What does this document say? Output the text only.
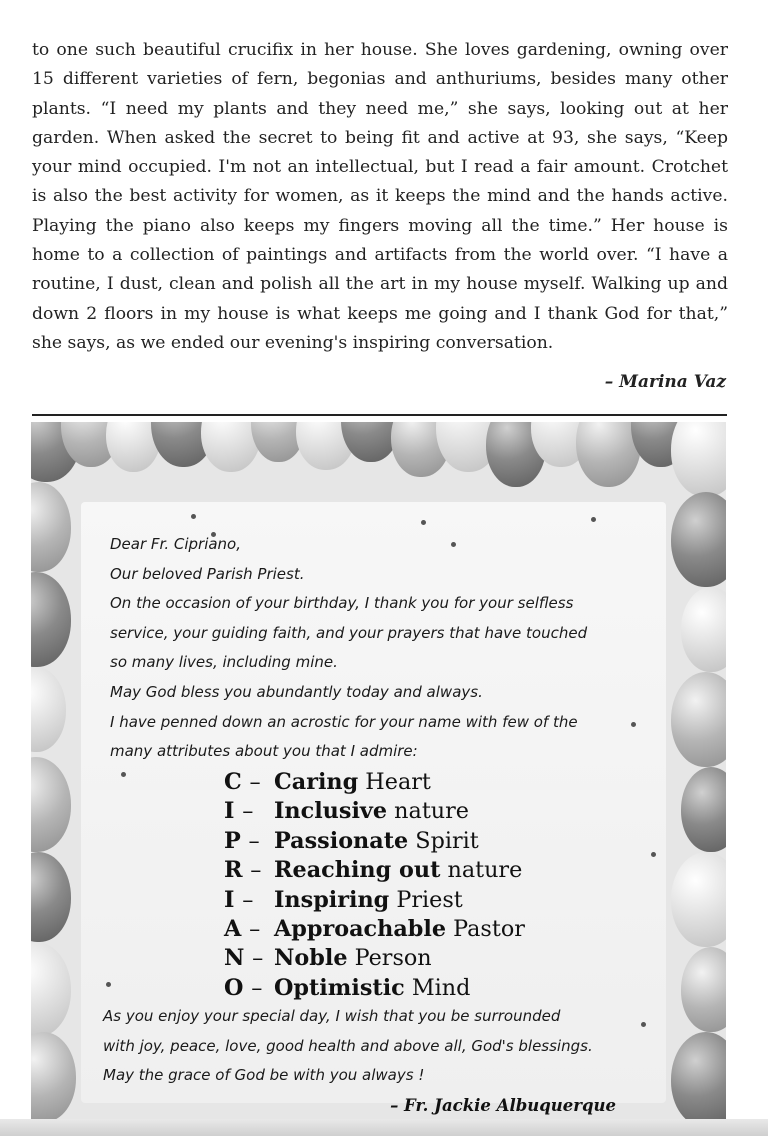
to one such beautiful crucifix in her house. She loves gardening, owning over 15 different varieties of fern, begonias and anthuriums, besides many other plants. “I need my plants and they need me,” she says, looking out at her garden. When asked the secret to being fit and active at 93, she says, “Keep your mind occupied. I'm not an intellectual, but I read a fair amount. Crotchet is also the best activity for women, as it keeps the mind and the hands active. Playing the piano also keeps my fingers moving all the time.” Her house is home to a collection of paintings and artifacts from the world over. “I have a routine, I dust, clean and polish all the art in my house myself. Walking up and down 2 floors in my house is what keeps me going and I thank God for that,” she says, as we ended our evening's inspiring conversation.

– Marina Vaz
Dear Fr. Cipriano,
Our beloved Parish Priest.
On the occasion of your birthday, I thank you for your selfless
service, your guiding faith, and your prayers that have touched
so many lives, including mine.
May God bless you abundantly today and always.
I have penned down an acrostic for your name with few of the
many attributes about you that I admire:
C – Caring Heart
I – Inclusive nature
P – Passionate Spirit
R – Reaching out nature
I – Inspiring Priest
A – Approachable Pastor
N – Noble Person
O – Optimistic Mind
As you enjoy your special day, I wish that you be surrounded
with joy, peace, love, good health and above all, God's blessings.
May the grace of God be with you always !
– Fr. Jackie Albuquerque
